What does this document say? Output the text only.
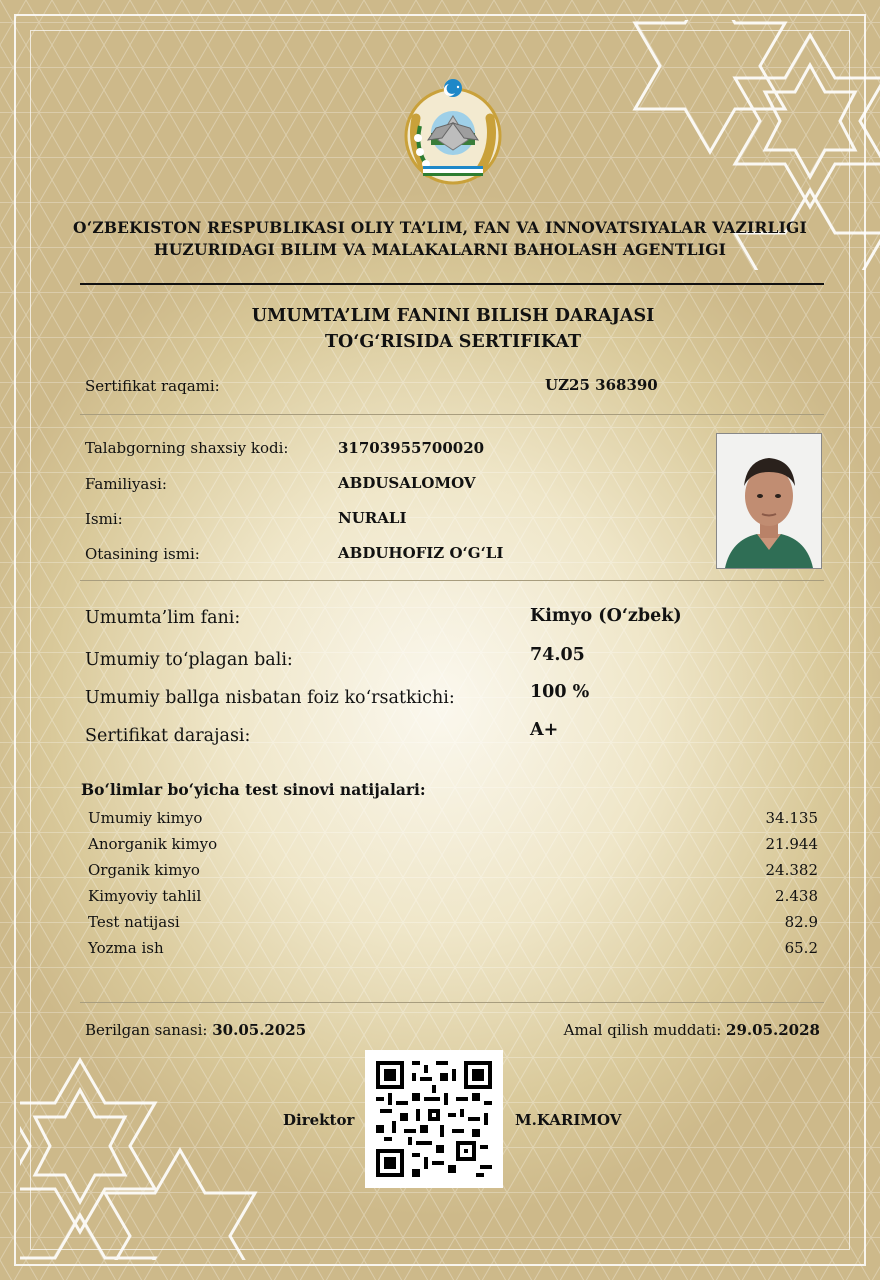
O‘ZBEKISTON RESPUBLIKASI OLIY TA’LIM, FAN VA INNOVATSIYALAR VAZIRLIGI
HUZURIDAGI BILIM VA MALAKALARNI BAHOLASH AGENTLIGI
UMUMTA’LIM FANINI BILISH DARAJASI
TO‘G‘RISIDA SERTIFIKAT
Sertifikat raqami:	UZ25 368390
Talabgorning shaxsiy kodi:	31703955700020
Familiyasi:	ABDUSALOMOV
Ismi:	NURALI
Otasining ismi:	ABDUHOFIZ O‘G‘LI
Umumta’lim fani:	Kimyo (O‘zbek)
Umumiy to‘plagan bali:	74.05
Umumiy ballga nisbatan foiz ko‘rsatkichi:	100 %
Sertifikat darajasi:	A+
Bo‘limlar bo‘yicha test sinovi natijalari:
Umumiy kimyo	34.135
Anorganik kimyo	21.944
Organik kimyo	24.382
Kimyoviy tahlil	2.438
Test natijasi	82.9
Yozma ish	65.2
Berilgan sanasi: 30.05.2025	Amal qilish muddati: 29.05.2028
Direktor	M.KARIMOV
